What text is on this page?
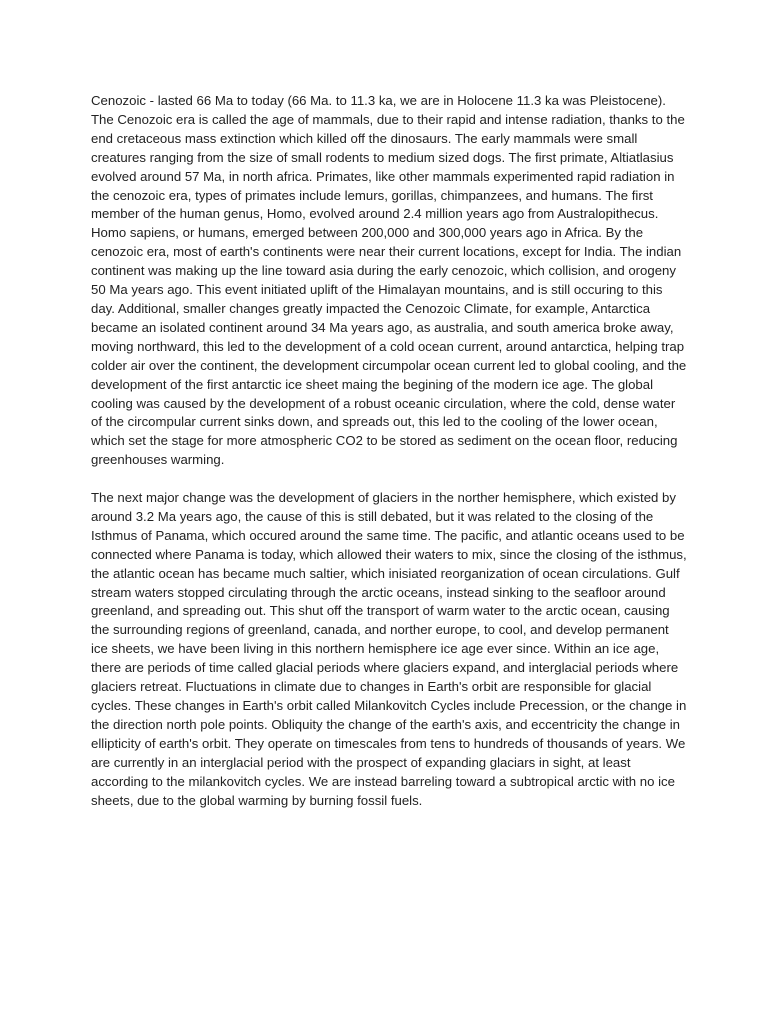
Cenozoic - lasted 66 Ma to today (66 Ma. to 11.3 ka, we are in Holocene 11.3 ka was Pleistocene). The Cenozoic era is called the age of mammals, due to their rapid and intense radiation, thanks to the end cretaceous mass extinction which killed off the dinosaurs. The early mammals were small creatures ranging from the size of small rodents to medium sized dogs. The first primate, Altiatlasius evolved around 57 Ma, in north africa. Primates, like other mammals experimented rapid radiation in the cenozoic era, types of primates include lemurs, gorillas, chimpanzees, and humans. The first member of the human genus, Homo, evolved around 2.4 million years ago from Australopithecus. Homo sapiens, or humans, emerged between 200,000 and 300,000 years ago in Africa. By the cenozoic era, most of earth's continents were near their current locations, except for India. The indian continent was making up the line toward asia during the early cenozoic, which collision, and orogeny 50 Ma years ago. This event initiated uplift of the Himalayan mountains, and is still occuring to this day. Additional, smaller changes greatly impacted the Cenozoic Climate, for example, Antarctica became an isolated continent around 34 Ma years ago, as australia, and south america broke away, moving northward, this led to the development of a cold ocean current, around antarctica, helping trap colder air over the continent, the development circumpolar ocean current led to global cooling, and the development of the first antarctic ice sheet maing the begining of the modern ice age. The global cooling was caused by the development of a robust oceanic circulation, where the cold, dense water of the circompular current sinks down, and spreads out, this led to the cooling of the lower ocean, which set the stage for more atmospheric CO2 to be stored as sediment on the ocean floor, reducing greenhouses warming.

The next major change was the development of glaciers in the norther hemisphere, which existed by around 3.2 Ma years ago, the cause of this is still debated, but it was related to the closing of the Isthmus of Panama, which occured around the same time. The pacific, and atlantic oceans used to be connected where Panama is today, which allowed their waters to mix, since the closing of the isthmus, the atlantic ocean has became much saltier, which inisiated reorganization of ocean circulations. Gulf stream waters stopped circulating through the arctic oceans, instead sinking to the seafloor around greenland, and spreading out. This shut off the transport of warm water to the arctic ocean, causing the surrounding regions of greenland, canada, and norther europe, to cool, and develop permanent ice sheets, we have been living in this northern hemisphere ice age ever since. Within an ice age, there are periods of time called glacial periods where glaciers expand, and interglacial periods where glaciers retreat. Fluctuations in climate due to changes in Earth's orbit are responsible for glacial cycles. These changes in Earth's orbit called Milankovitch Cycles include Precession, or the change in the direction north pole points. Obliquity the change of the earth's axis, and eccentricity the change in ellipticity of earth's orbit. They operate on timescales from tens to hundreds of thousands of years. We are currently in an interglacial period with the prospect of expanding glaciars in sight, at least according to the milankovitch cycles. We are instead barreling toward a subtropical arctic with no ice sheets, due to the global warming by burning fossil fuels.
